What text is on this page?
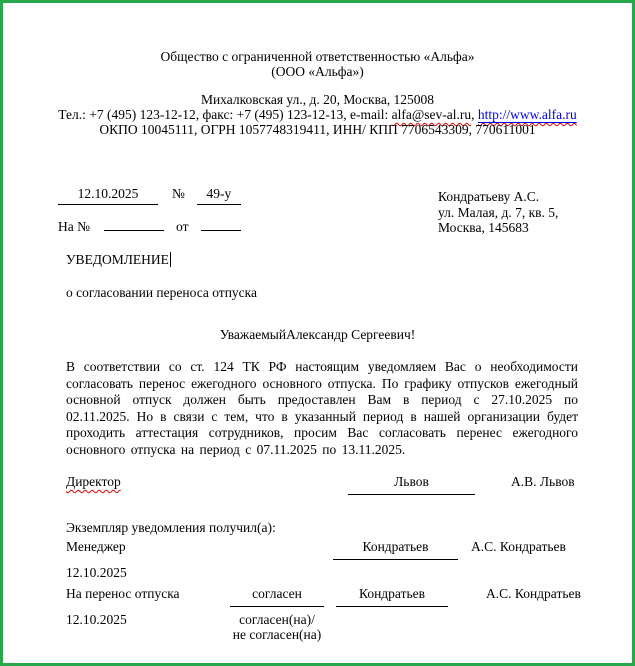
Общество с ограниченной ответственностью «Альфа»
(ООО «Альфа»)
Михалковская ул., д. 20, Москва, 125008
Тел.: +7 (495) 123-12-12, факс: +7 (495) 123-12-13, e-mail: alfa@sev-al.ru, http://www.alfa.ru
ОКПО 10045111, ОГРН 1057748319411, ИНН/ КПП 7706543309, 770611001
12.10.2025 № 49-у
На №	от
Кондратьеву А.С.
ул. Малая, д. 7, кв. 5,
Москва, 145683
УВЕДОМЛЕНИЕ
о согласовании переноса отпуска
УважаемыйАлександр Сергеевич!
В соответствии со ст. 124 ТК РФ настоящим уведомляем Вас о необходимости согласовать перенос ежегодного основного отпуска. По графику отпусков ежегодный основной отпуск должен быть предоставлен Вам в период с 27.10.2025 по 02.11.2025. Но в связи с тем, что в указанный период в нашей организации будет проходить аттестация сотрудников, просим Вас согласовать перенес ежегодного основного отпуска на период с 07.11.2025 по 13.11.2025.
Директор	Львов	А.В. Львов
Экземпляр уведомления получил(а):
Менеджер	Кондратьев	А.С. Кондратьев
12.10.2025
На перенос отпуска	согласен	Кондратьев	А.С. Кондратьев
12.10.2025	согласен(на)/
не согласен(на)
